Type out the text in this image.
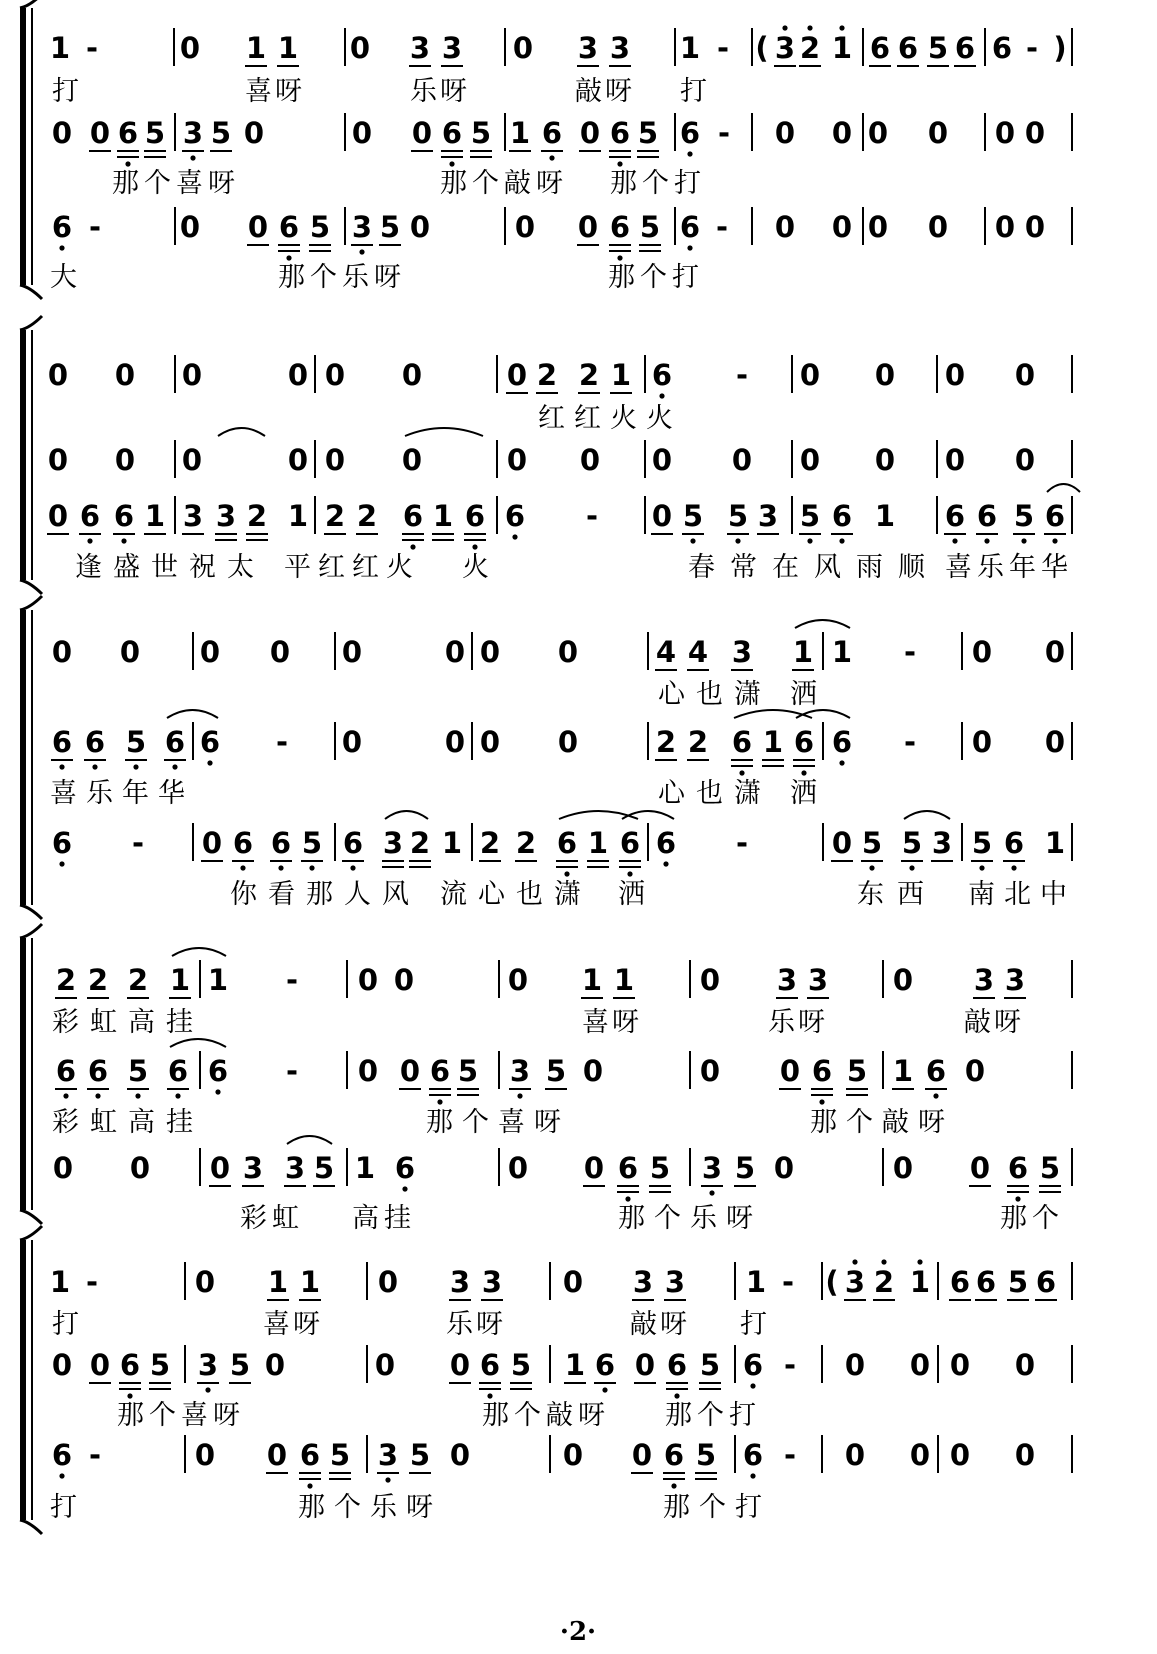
1 -	0 1 1 0 3 3 0 3 3 1 - 3 2 1 6 6 5 6 6 -
0 0 6 5 3 5 0	0 0 6 5 1 6 0 6 5 6 - 0 0 0 0 0 0
6 -	0 0 6 5 3 5 0	0 0 6 5 6 - 0 0 0 0 0 0
0 0 0	0 0 0	0 2 2 1 6 - 0 0 0 0
0 0 0	0 0 0	0 0 0 0 0 0 0 0
0 6 6 1 3 3 2 1 2 2 6 1 6 6 - 0 5 5 3 5 6 1 6 6 5 6
0 0 0 0 0	0 0 0	4 4 3 1 1 - 0 0
6 6 5 6 6 - 0	0 0 0	2 2 6 1 6 6 - 0 0
6 - 0 6 6 5 6 3 2 1 2 2 6 1 6 6 -	0 5 5 3 5 6 1
2 2 2 1 1 - 0 0	0 1 1 0 3 3 0 3 3
6 6 5 6 6 - 0 0 6 5 3 5 0	0 0 6 5 1 6 0
0 0 0 3 3 5 1 6	0 0 6 5 3 5 0	0 0 6 5
1 -	0 1 1 0 3 3 0 3 3 1 - 3 2 1 6 6 5 6
0 0 6 5 3 5 0	0 0 6 5 1 6 0 6 5 6 - 0 0 0 0
6 -	0 0 6 5 3 5 0	0 0 6 5 6 - 0 0 0 0
(
(
)
打	喜呀	乐呀	敲呀 打
那个喜呀	那个敲呀 那个打
大	那个乐呀	那个打
红红火火
逢盛世祝太 平红红火 火	春常在风雨顺 喜乐年华
心也潇 洒
喜乐年华	心也潇 洒
你看那人风 流心也潇 洒	东西 南北中
彩虹高挂	喜呀	乐呀	敲呀
彩虹高挂	那个喜呀	那个敲呀
彩虹 高挂	那个乐呀	那个
打	喜呀	乐呀	敲呀 打
那个喜呀	那个敲呀 那个打
打	那个乐呀	那个打
·2·
